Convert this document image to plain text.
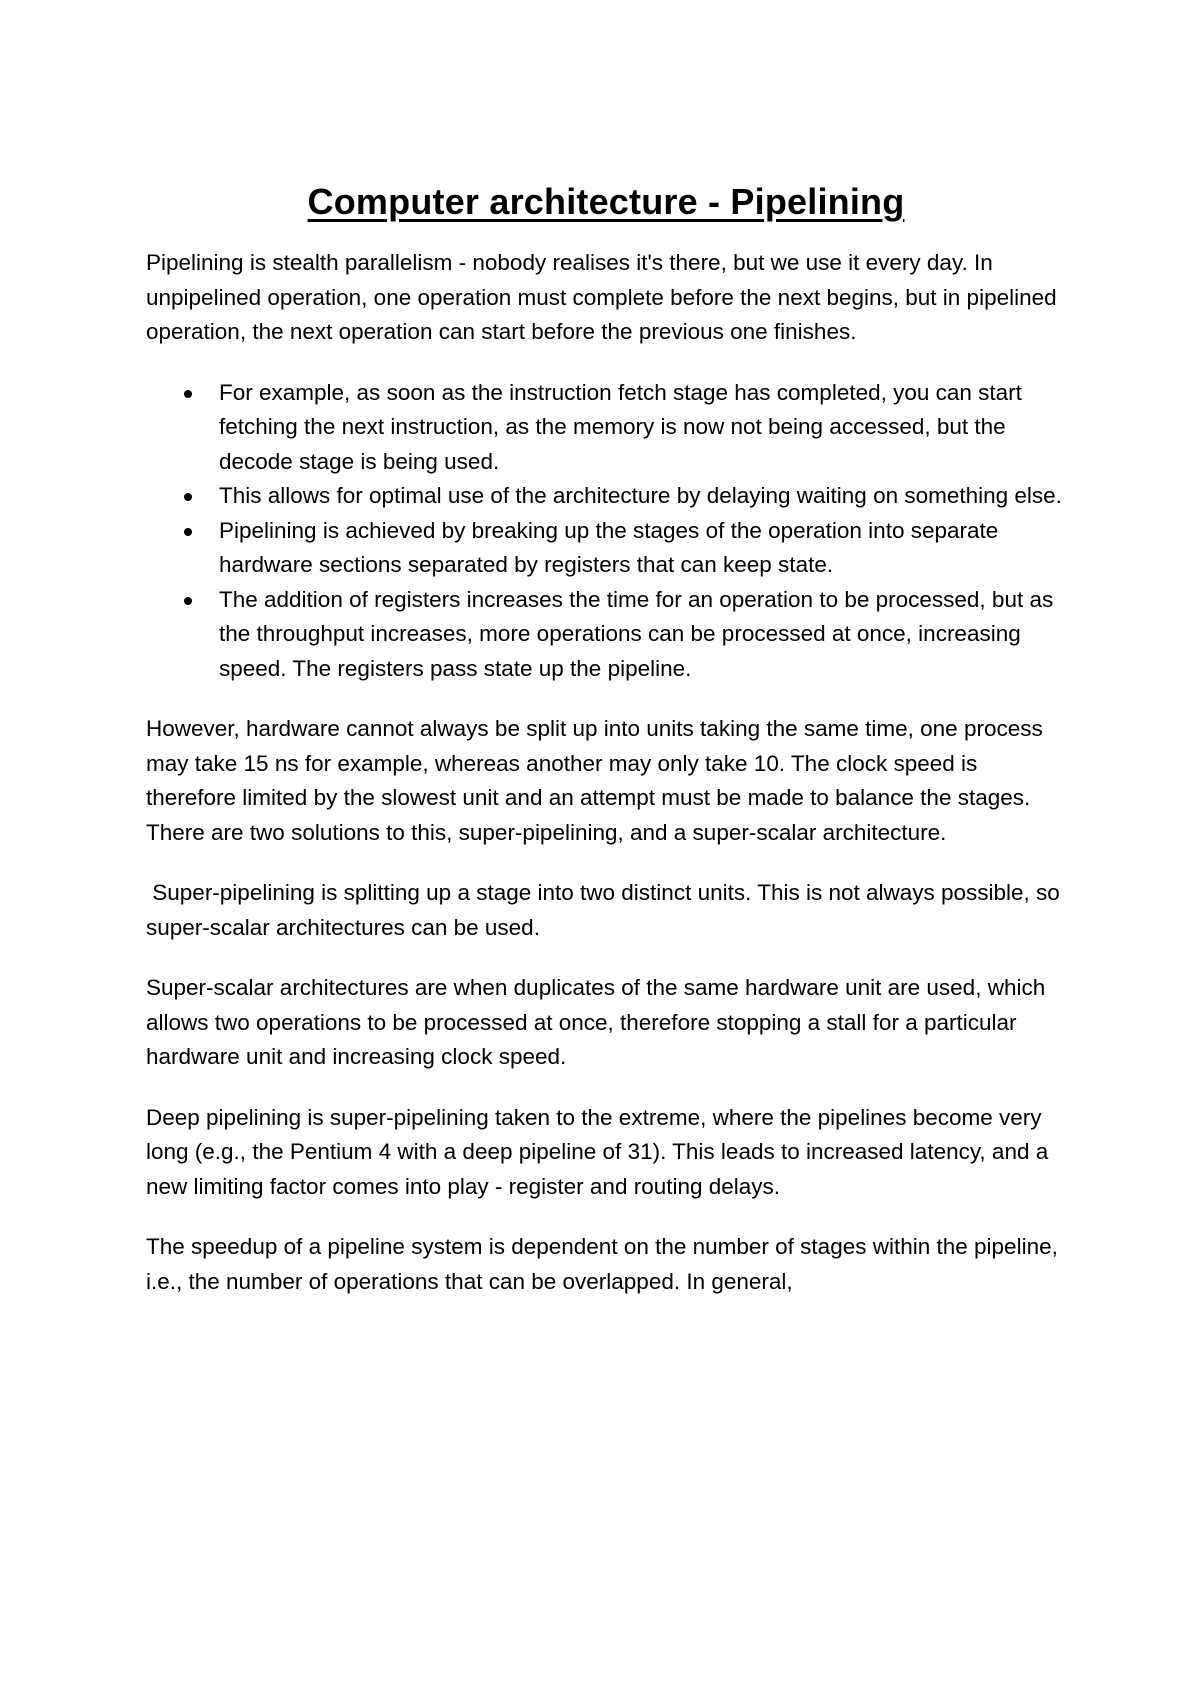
Computer architecture - Pipelining

Pipelining is stealth parallelism - nobody realises it's there, but we use it every day. In unpipelined operation, one operation must complete before the next begins, but in pipelined operation, the next operation can start before the previous one finishes.

For example, as soon as the instruction fetch stage has completed, you can start fetching the next instruction, as the memory is now not being accessed, but the decode stage is being used.
This allows for optimal use of the architecture by delaying waiting on something else.
Pipelining is achieved by breaking up the stages of the operation into separate hardware sections separated by registers that can keep state.
The addition of registers increases the time for an operation to be processed, but as the throughput increases, more operations can be processed at once, increasing speed. The registers pass state up the pipeline.

However, hardware cannot always be split up into units taking the same time, one process may take 15 ns for example, whereas another may only take 10. The clock speed is therefore limited by the slowest unit and an attempt must be made to balance the stages. There are two solutions to this, super-pipelining, and a super-scalar architecture.

Super-pipelining is splitting up a stage into two distinct units. This is not always possible, so super-scalar architectures can be used.

Super-scalar architectures are when duplicates of the same hardware unit are used, which allows two operations to be processed at once, therefore stopping a stall for a particular hardware unit and increasing clock speed.

Deep pipelining is super-pipelining taken to the extreme, where the pipelines become very long (e.g., the Pentium 4 with a deep pipeline of 31). This leads to increased latency, and a new limiting factor comes into play - register and routing delays.

The speedup of a pipeline system is dependent on the number of stages within the pipeline, i.e., the number of operations that can be overlapped. In general,
